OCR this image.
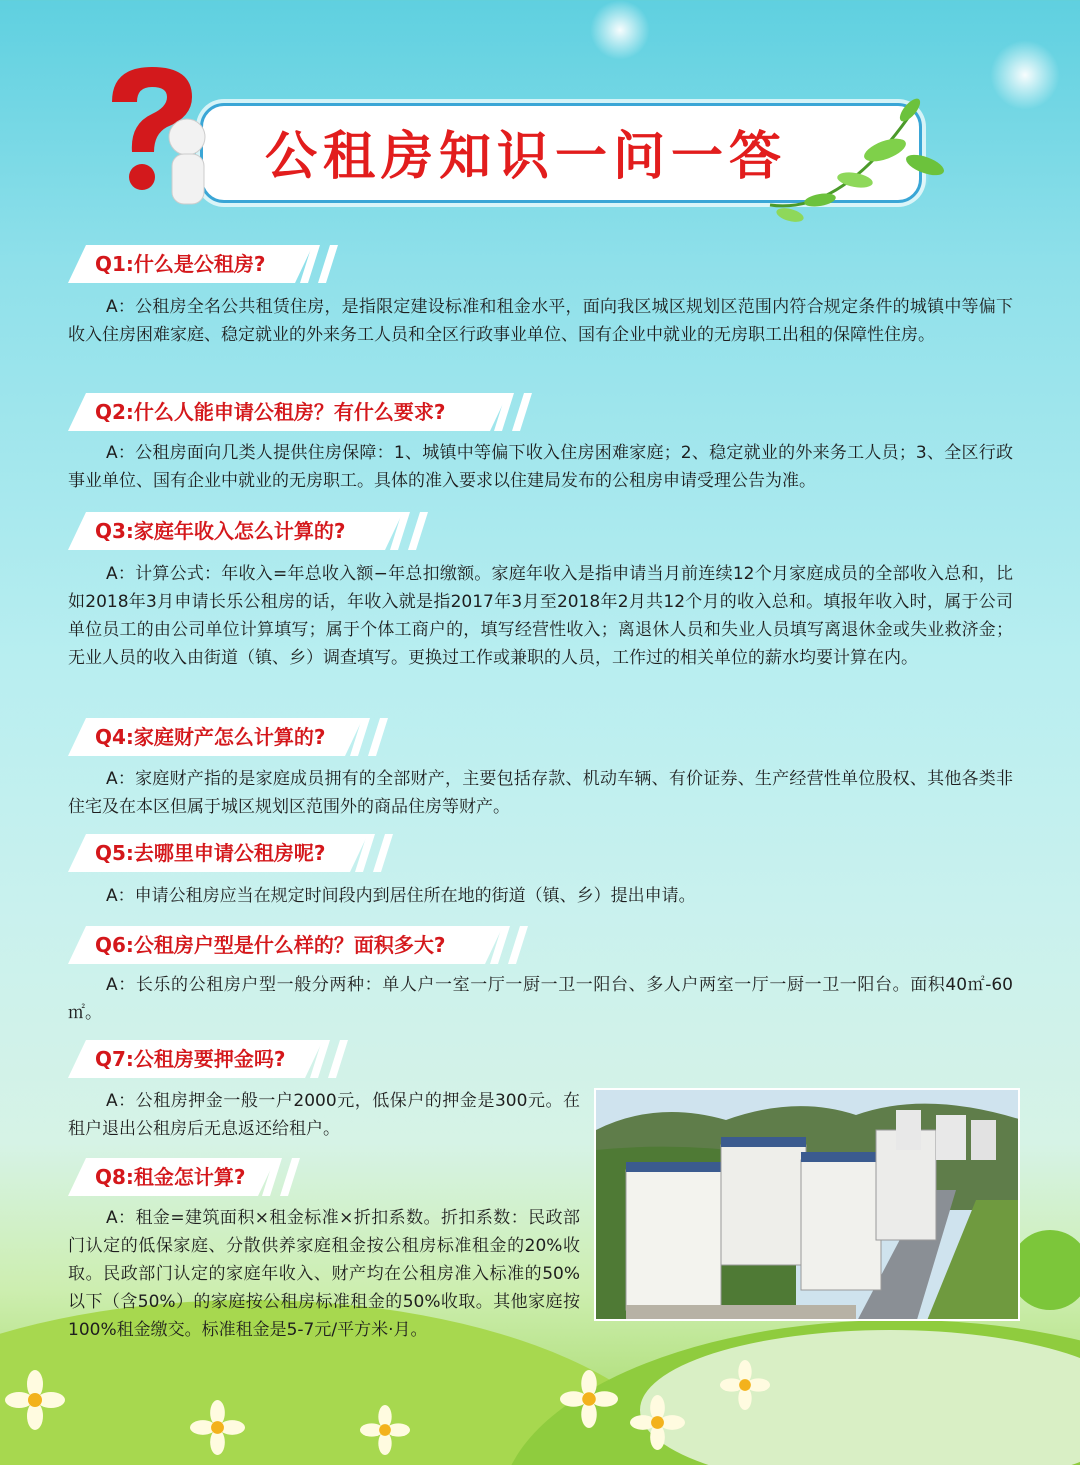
公租房知识一问一答
Q1:什么是公租房?
A：公租房全名公共租赁住房，是指限定建设标准和租金水平，面向我区城区规划区范围内符合规定条件的城镇中等偏下收入住房困难家庭、稳定就业的外来务工人员和全区行政事业单位、国有企业中就业的无房职工出租的保障性住房。
Q2:什么人能申请公租房？有什么要求?
A：公租房面向几类人提供住房保障：1、城镇中等偏下收入住房困难家庭；2、稳定就业的外来务工人员；3、全区行政事业单位、国有企业中就业的无房职工。具体的准入要求以住建局发布的公租房申请受理公告为准。
Q3:家庭年收入怎么计算的?
A：计算公式：年收入=年总收入额−年总扣缴额。家庭年收入是指申请当月前连续12个月家庭成员的全部收入总和，比如2018年3月申请长乐公租房的话，年收入就是指2017年3月至2018年2月共12个月的收入总和。填报年收入时，属于公司单位员工的由公司单位计算填写；属于个体工商户的，填写经营性收入；离退休人员和失业人员填写离退休金或失业救济金；无业人员的收入由街道（镇、乡）调查填写。更换过工作或兼职的人员，工作过的相关单位的薪水均要计算在内。
Q4:家庭财产怎么计算的?
A：家庭财产指的是家庭成员拥有的全部财产，主要包括存款、机动车辆、有价证券、生产经营性单位股权、其他各类非住宅及在本区但属于城区规划区范围外的商品住房等财产。
Q5:去哪里申请公租房呢?
A：申请公租房应当在规定时间段内到居住所在地的街道（镇、乡）提出申请。
Q6:公租房户型是什么样的？面积多大?
A：长乐的公租房户型一般分两种：单人户一室一厅一厨一卫一阳台、多人户两室一厅一厨一卫一阳台。面积40㎡-60㎡。
Q7:公租房要押金吗?
A：公租房押金一般一户2000元，低保户的押金是300元。在租户退出公租房后无息返还给租户。
Q8:租金怎计算?
A：租金=建筑面积×租金标准×折扣系数。折扣系数：民政部门认定的低保家庭、分散供养家庭租金按公租房标准租金的20%收取。民政部门认定的家庭年收入、财产均在公租房准入标准的50%以下（含50%）的家庭按公租房标准租金的50%收取。其他家庭按100%租金缴交。标准租金是5-7元/平方米·月。
